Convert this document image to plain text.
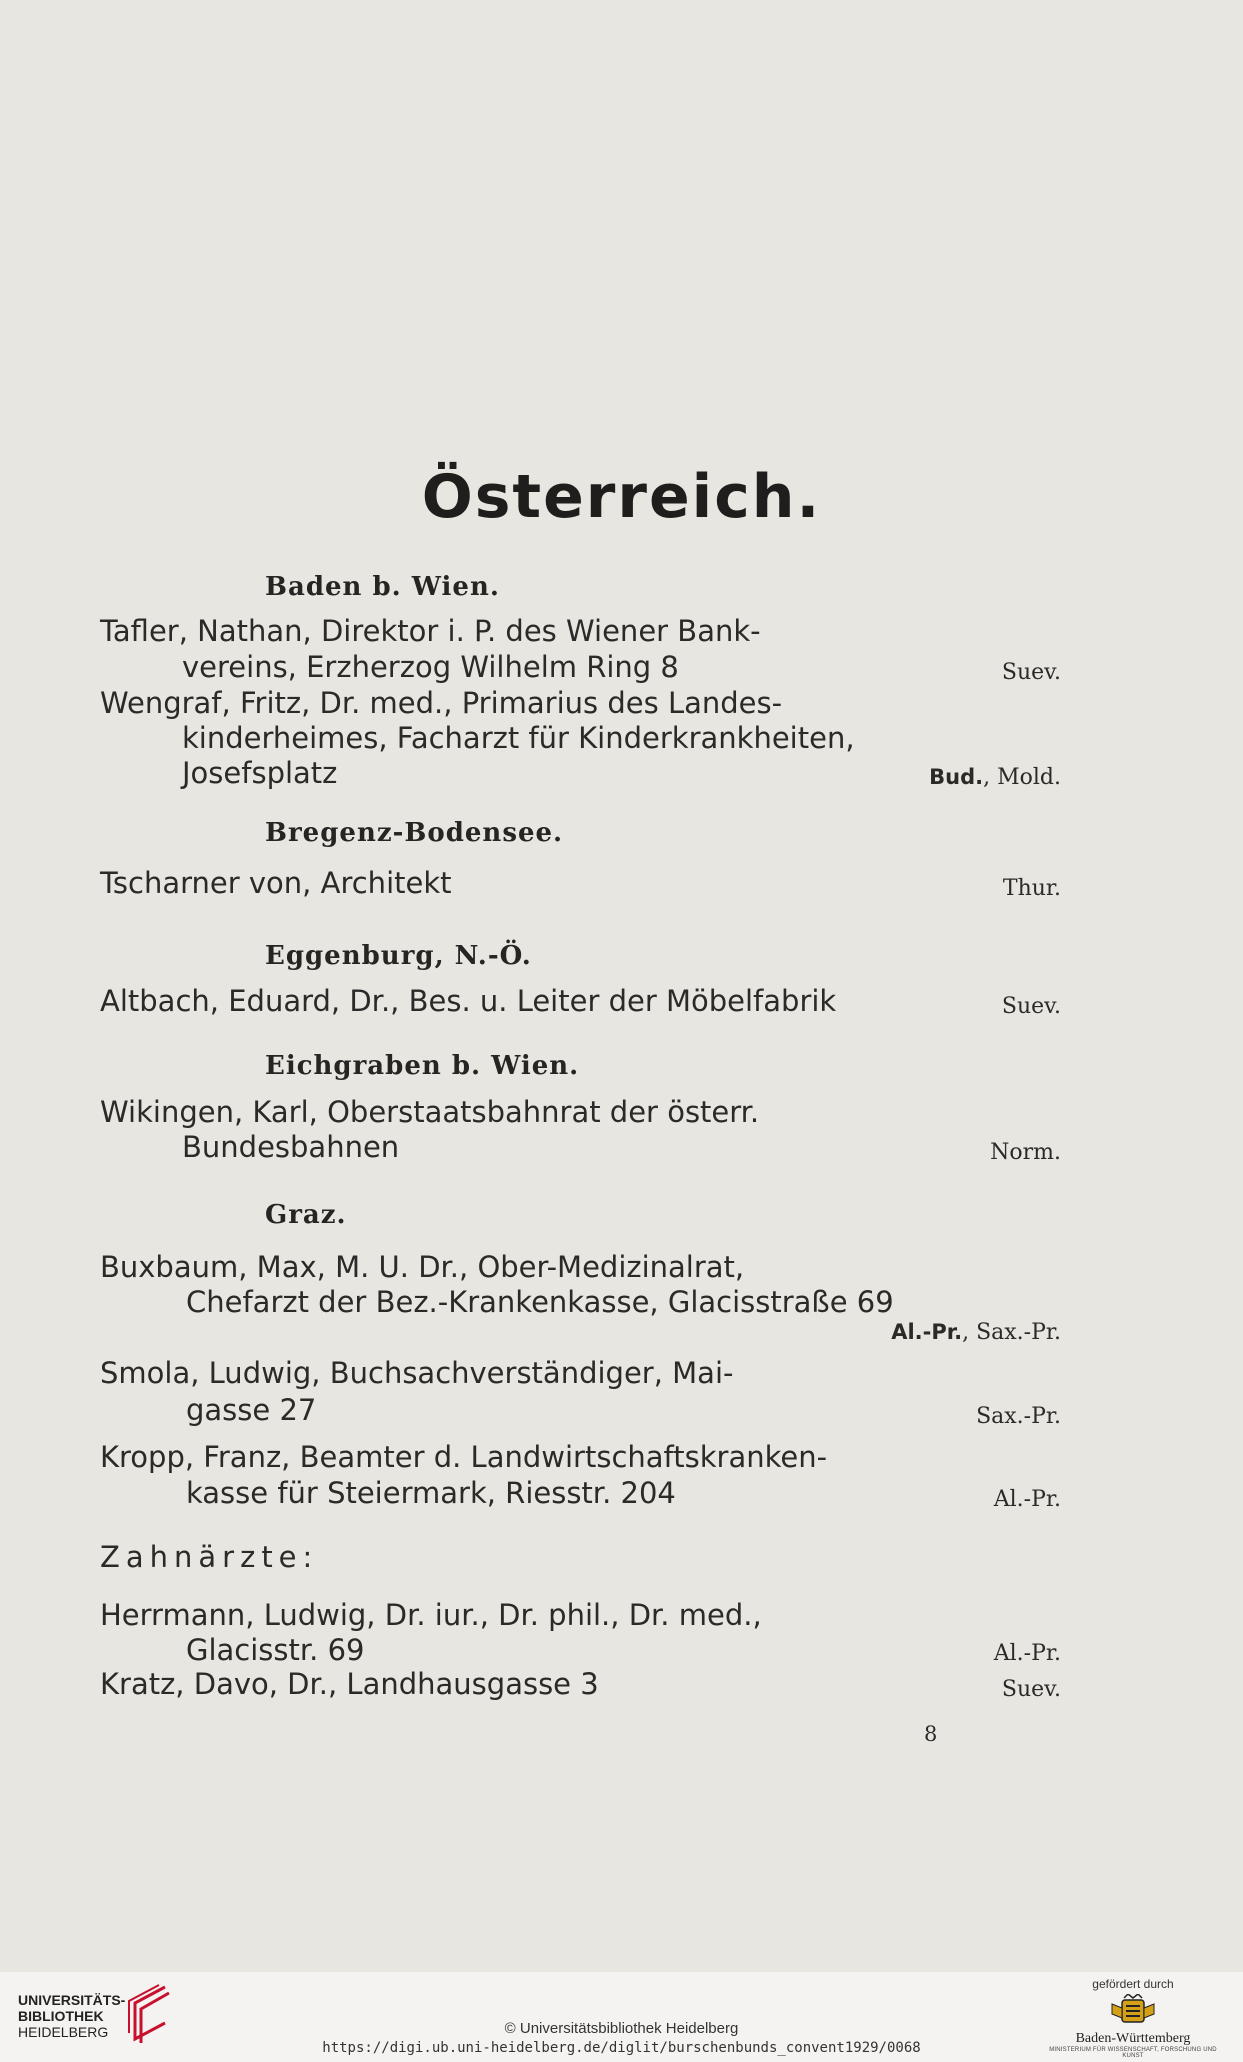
Österreich.
Baden b. Wien.
Tafler, Nathan, Direktor i. P. des Wiener Bank-
vereins, Erzherzog Wilhelm Ring 8	Suev.
Wengraf, Fritz, Dr. med., Primarius des Landes-
kinderheimes, Facharzt für Kinderkrankheiten,
Josefsplatz	Bud., Mold.
Bregenz-Bodensee.
Tscharner von, Architekt	Thur.
Eggenburg, N.-Ö.
Altbach, Eduard, Dr., Bes. u. Leiter der Möbelfabrik	Suev.
Eichgraben b. Wien.
Wikingen, Karl, Oberstaatsbahnrat der österr.
Bundesbahnen	Norm.
Graz.
Buxbaum, Max, M. U. Dr., Ober-Medizinalrat,
Chefarzt der Bez.-Krankenkasse, Glacisstraße 69
Al.-Pr., Sax.-Pr.
Smola, Ludwig, Buchsachverständiger, Mai-
gasse 27	Sax.-Pr.
Kropp, Franz, Beamter d. Landwirtschaftskranken-
kasse für Steiermark, Riesstr. 204	Al.-Pr.
Zahnärzte:
Herrmann, Ludwig, Dr. iur., Dr. phil., Dr. med.,
Glacisstr. 69	Al.-Pr.
Kratz, Davo, Dr., Landhausgasse 3	Suev.
8
UNIVERSITÄTS-
BIBLIOTHEK
HEIDELBERG	© Universitätsbibliothek Heidelberg
https://digi.ub.uni-heidelberg.de/diglit/burschenbunds_convent1929/0068
gefördert durch
Baden-Württemberg
MINISTERIUM FÜR WISSENSCHAFT, FORSCHUNG UND KUNST
